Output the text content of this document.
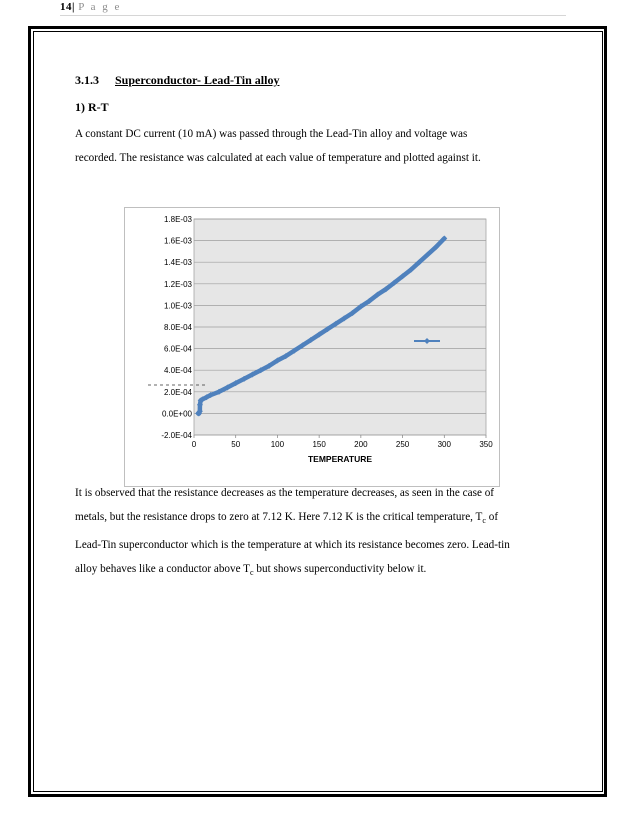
14| P a g e
3.1.3 Superconductor- Lead-Tin alloy
1) R-T
A constant DC current (10 mA) was passed through the Lead-Tin alloy and voltage was
recorded. The resistance was calculated at each value of temperature and plotted against it.
-2.0E-04
0.0E+00
2.0E-04
4.0E-04
6.0E-04
8.0E-04
1.0E-03
1.2E-03
1.4E-03
1.6E-03
1.8E-03
0	50	100	150	200	250	300	350
TEMPERATURE
It is observed that the resistance decreases as the temperature decreases, as seen in the case of
metals, but the resistance drops to zero at 7.12 K. Here 7.12 K is the critical temperature, $T_c$ of
Lead-Tin superconductor which is the temperature at which its resistance becomes zero. Lead-tin
alloy behaves like a conductor above $T_c$ but shows superconductivity below it.
